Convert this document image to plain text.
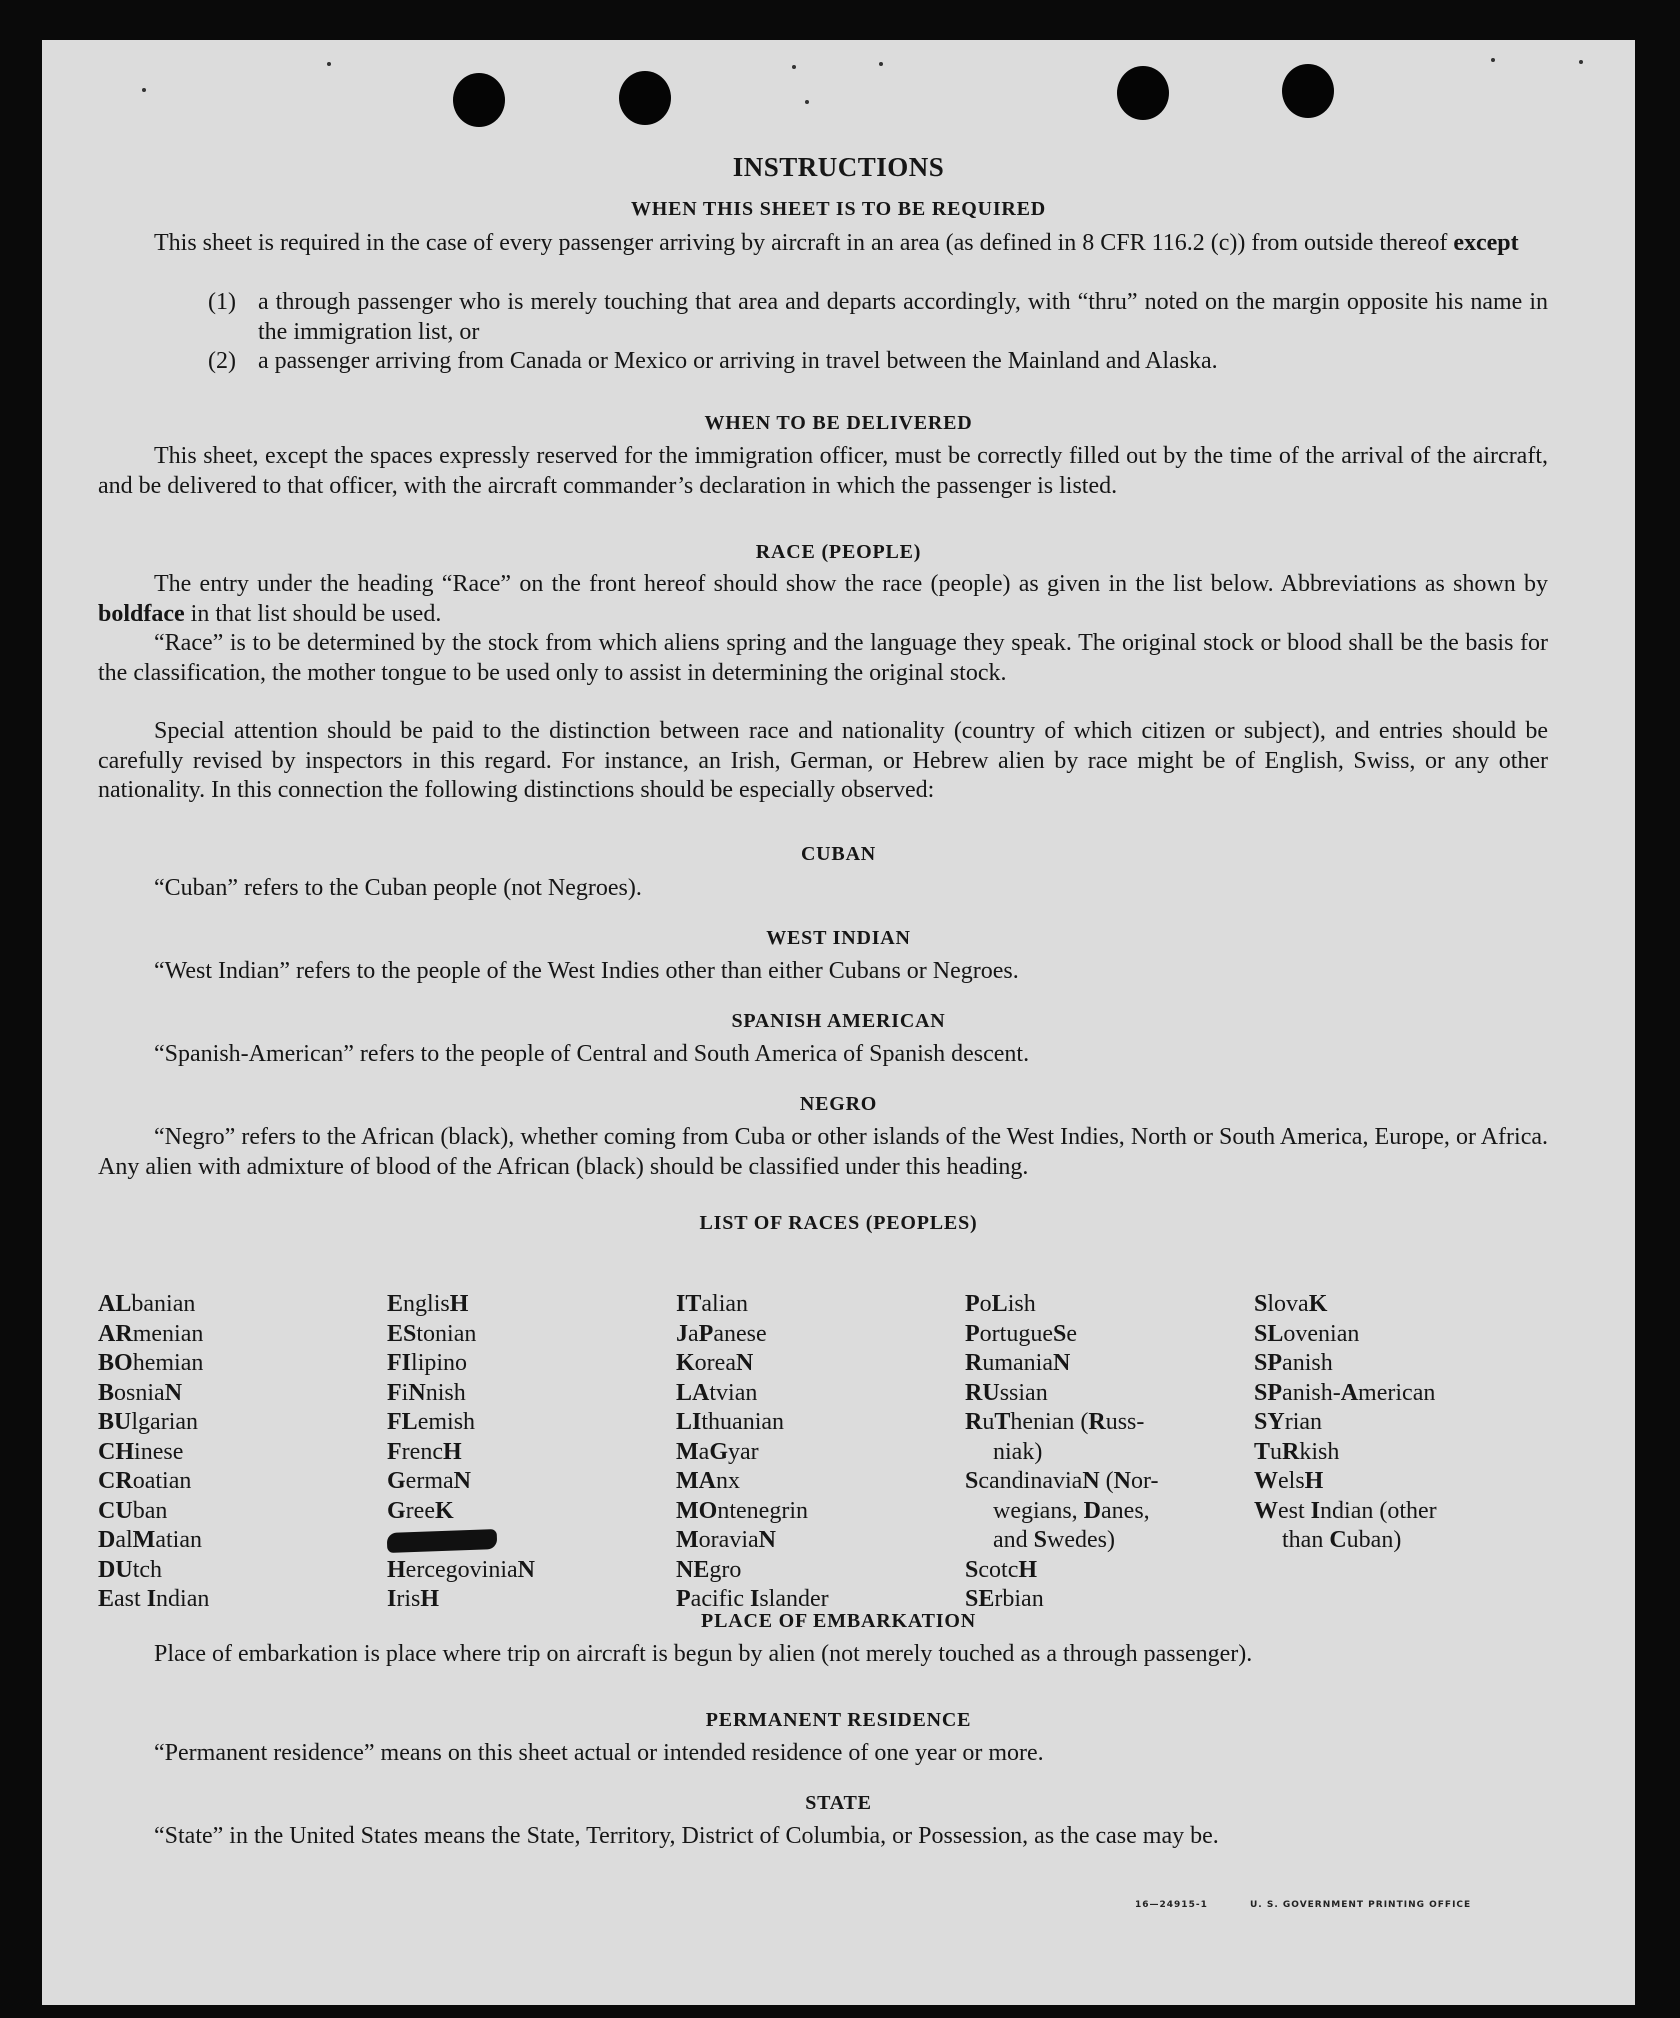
INSTRUCTIONS
WHEN THIS SHEET IS TO BE REQUIRED

This sheet is required in the case of every passenger arriving by aircraft in an area (as defined in 8 CFR 116.2 (c)) from outside thereof except

(1) a through passenger who is merely touching that area and departs accordingly, with “thru” noted on the margin opposite his name in the immigration list, or
(2) a passenger arriving from Canada or Mexico or arriving in travel between the Mainland and Alaska.
WHEN TO BE DELIVERED

This sheet, except the spaces expressly reserved for the immigration officer, must be correctly filled out by the time of the arrival of the aircraft, and be delivered to that officer, with the aircraft commander’s declaration in which the passenger is listed.

RACE (PEOPLE)

The entry under the heading “Race” on the front hereof should show the race (people) as given in the list below. Abbreviations as shown by boldface in that list should be used.

“Race” is to be determined by the stock from which aliens spring and the language they speak. The original stock or blood shall be the basis for the classification, the mother tongue to be used only to assist in determining the original stock.

Special attention should be paid to the distinction between race and nationality (country of which citizen or subject), and entries should be carefully revised by inspectors in this regard. For instance, an Irish, German, or Hebrew alien by race might be of English, Swiss, or any other nationality. In this connection the following distinctions should be especially observed:

CUBAN

“Cuban” refers to the Cuban people (not Negroes).

WEST INDIAN

“West Indian” refers to the people of the West Indies other than either Cubans or Negroes.

SPANISH AMERICAN

“Spanish-American” refers to the people of Central and South America of Spanish descent.

NEGRO

“Negro” refers to the African (black), whether coming from Cuba or other islands of the West Indies, North or South America, Europe, or Africa. Any alien with admixture of blood of the African (black) should be classified under this heading.

LIST OF RACES (PEOPLES)
ALbanian
ARmenian
BOhemian
BosniaN
BUlgarian
CHinese
CRoatian
CUban
DalMatian
DUtch
East Indian
EnglisH
EStonian
FIlipino
FiNnish
FLemish
FrencH
GermaN
GreeK
HercegoviniaN
IrisH
ITalian
JaPanese
KoreaN
LAtvian
LIthuanian
MaGyar
MAnx
MOntenegrin
MoraviaN
NEgro
Pacific Islander
PoLish
PortugueSe
RumaniaN
RUssian
RuThenian (Russ-
niak)
ScandinaviaN (Nor-
wegians, Danes,
and Swedes)
ScotcH
SErbian
SlovaK
SLovenian
SPanish
SPanish-American
SYrian
TuRkish
WelsH
West Indian (other
than Cuban)
PLACE OF EMBARKATION

Place of embarkation is place where trip on aircraft is begun by alien (not merely touched as a through passenger).

PERMANENT RESIDENCE

“Permanent residence” means on this sheet actual or intended residence of one year or more.

STATE

“State” in the United States means the State, Territory, District of Columbia, or Possession, as the case may be.

16—24915-1	U. S. GOVERNMENT PRINTING OFFICE
